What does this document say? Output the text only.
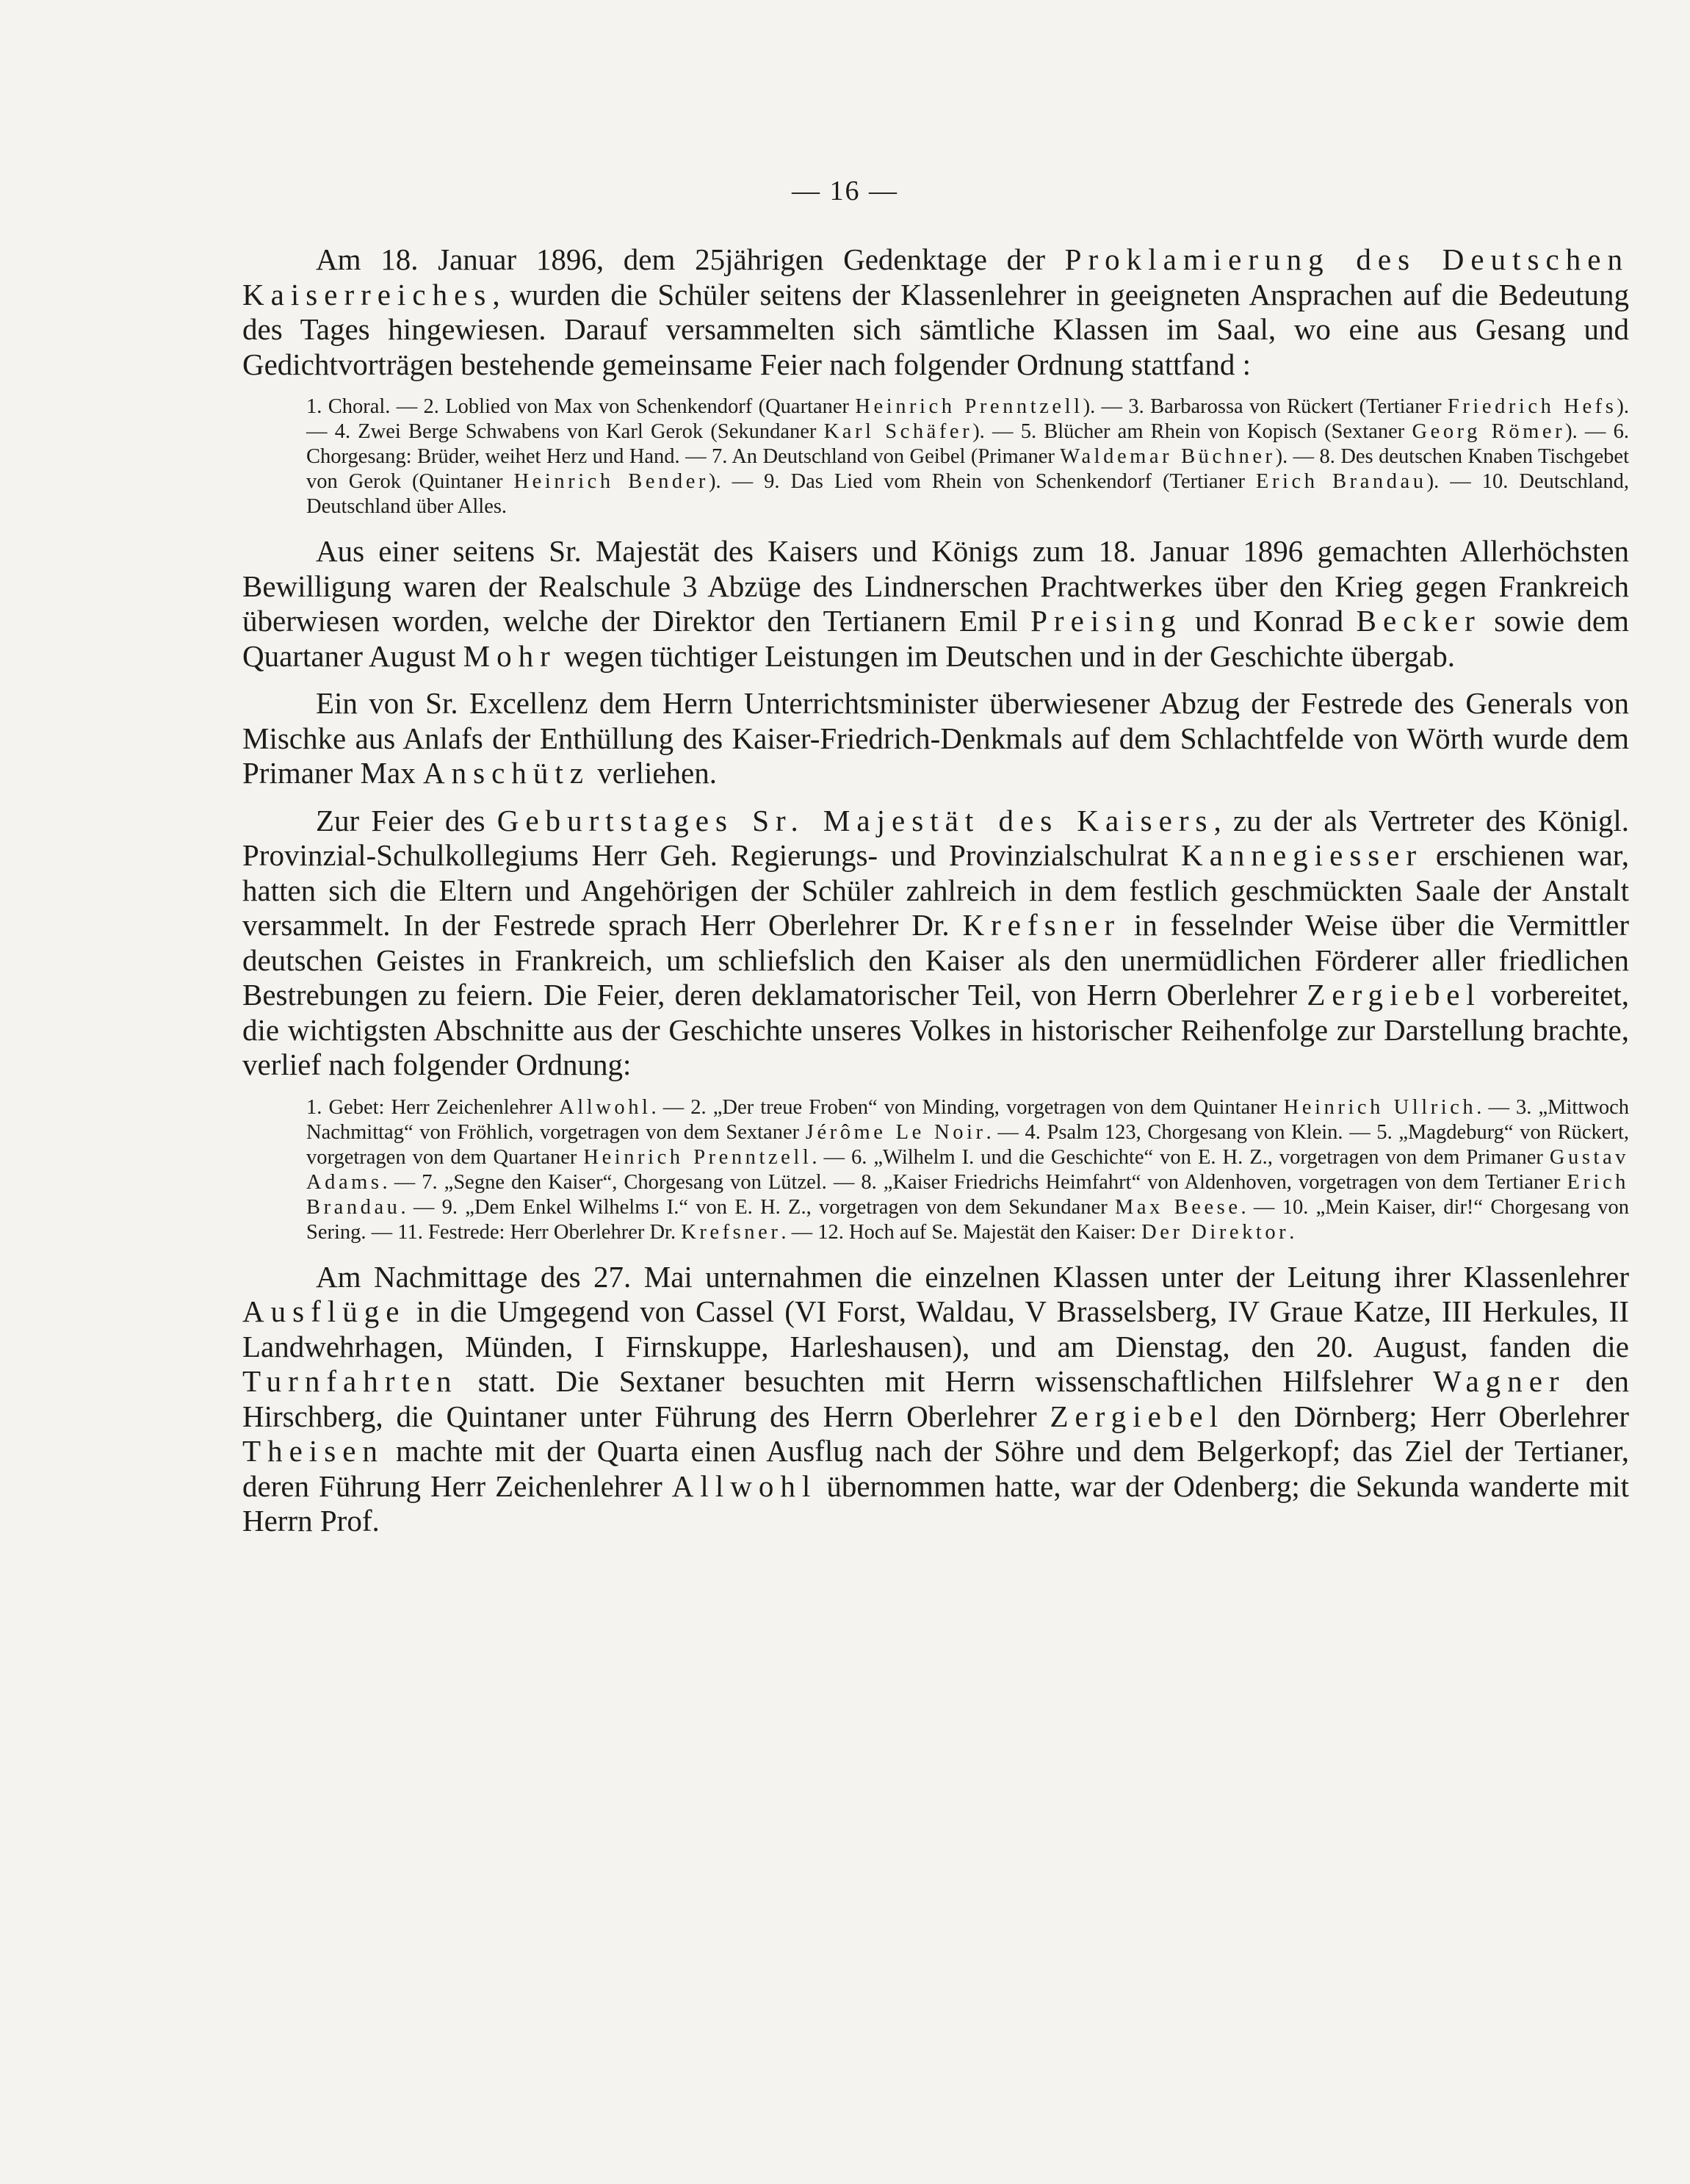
— 16 —

Am 18. Januar 1896, dem 25jährigen Gedenktage der Proklamierung des Deutschen Kaiserreiches, wurden die Schüler seitens der Klassenlehrer in geeigneten Ansprachen auf die Bedeutung des Tages hingewiesen. Darauf versammelten sich sämtliche Klassen im Saal, wo eine aus Gesang und Gedichtvorträgen bestehende gemeinsame Feier nach folgender Ordnung stattfand :

1. Choral. — 2. Loblied von Max von Schenkendorf (Quartaner Heinrich Prenntzell). — 3. Barbarossa von Rückert (Tertianer Friedrich Hefs). — 4. Zwei Berge Schwabens von Karl Gerok (Sekundaner Karl Schäfer). — 5. Blücher am Rhein von Kopisch (Sextaner Georg Römer). — 6. Chorgesang: Brüder, weihet Herz und Hand. — 7. An Deutschland von Geibel (Primaner Waldemar Büchner). — 8. Des deutschen Knaben Tischgebet von Gerok (Quintaner Heinrich Bender). — 9. Das Lied vom Rhein von Schenkendorf (Tertianer Erich Brandau). — 10. Deutschland, Deutschland über Alles.

Aus einer seitens Sr. Majestät des Kaisers und Königs zum 18. Januar 1896 gemachten Allerhöchsten Bewilligung waren der Realschule 3 Abzüge des Lindnerschen Prachtwerkes über den Krieg gegen Frankreich überwiesen worden, welche der Direktor den Tertianern Emil Preising und Konrad Becker sowie dem Quartaner August Mohr wegen tüchtiger Leistungen im Deutschen und in der Geschichte übergab.

Ein von Sr. Excellenz dem Herrn Unterrichtsminister überwiesener Abzug der Festrede des Generals von Mischke aus Anlafs der Enthüllung des Kaiser-Friedrich-Denkmals auf dem Schlachtfelde von Wörth wurde dem Primaner Max Anschütz verliehen.

Zur Feier des Geburtstages Sr. Majestät des Kaisers, zu der als Vertreter des Königl. Provinzial-Schulkollegiums Herr Geh. Regierungs- und Provinzialschulrat Kannegiesser erschienen war, hatten sich die Eltern und Angehörigen der Schüler zahlreich in dem festlich geschmückten Saale der Anstalt versammelt. In der Festrede sprach Herr Oberlehrer Dr. Krefsner in fesselnder Weise über die Vermittler deutschen Geistes in Frankreich, um schliefslich den Kaiser als den unermüdlichen Förderer aller friedlichen Bestrebungen zu feiern. Die Feier, deren deklamatorischer Teil, von Herrn Oberlehrer Zergiebel vorbereitet, die wichtigsten Abschnitte aus der Geschichte unseres Volkes in historischer Reihenfolge zur Darstellung brachte, verlief nach folgender Ordnung:

1. Gebet: Herr Zeichenlehrer Allwohl. — 2. „Der treue Froben“ von Minding, vorgetragen von dem Quintaner Heinrich Ullrich. — 3. „Mittwoch Nachmittag“ von Fröhlich, vorgetragen von dem Sextaner Jérôme Le Noir. — 4. Psalm 123, Chorgesang von Klein. — 5. „Magdeburg“ von Rückert, vorgetragen von dem Quartaner Heinrich Prenntzell. — 6. „Wilhelm I. und die Geschichte“ von E. H. Z., vorgetragen von dem Primaner Gustav Adams. — 7. „Segne den Kaiser“, Chorgesang von Lützel. — 8. „Kaiser Friedrichs Heimfahrt“ von Aldenhoven, vorgetragen von dem Tertianer Erich Brandau. — 9. „Dem Enkel Wilhelms I.“ von E. H. Z., vorgetragen von dem Sekundaner Max Beese. — 10. „Mein Kaiser, dir!“ Chorgesang von Sering. — 11. Festrede: Herr Oberlehrer Dr. Krefsner. — 12. Hoch auf Se. Majestät den Kaiser: Der Direktor.

Am Nachmittage des 27. Mai unternahmen die einzelnen Klassen unter der Leitung ihrer Klassenlehrer Ausflüge in die Umgegend von Cassel (VI Forst, Waldau, V Brasselsberg, IV Graue Katze, III Herkules, II Landwehrhagen, Münden, I Firnskuppe, Harleshausen), und am Dienstag, den 20. August, fanden die Turnfahrten statt. Die Sextaner besuchten mit Herrn wissenschaftlichen Hilfslehrer Wagner den Hirschberg, die Quintaner unter Führung des Herrn Oberlehrer Zergiebel den Dörnberg; Herr Oberlehrer Theisen machte mit der Quarta einen Ausflug nach der Söhre und dem Belgerkopf; das Ziel der Tertianer, deren Führung Herr Zeichenlehrer Allwohl übernommen hatte, war der Odenberg; die Sekunda wanderte mit Herrn Prof.
